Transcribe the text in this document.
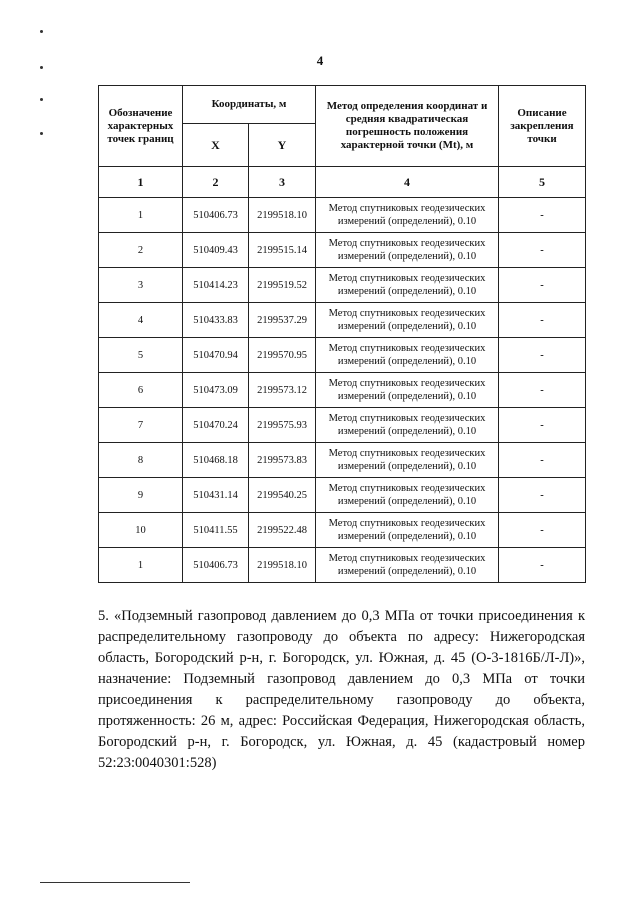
4
Обозначение характерных точек границ	Координаты, м		Метод определения координат и средняя квадратическая погрешность положения характерной точки (Mt), м	Описание закрепления точки
	X	Y		
1	2	3	4	5
1	510406.73	2199518.10	Метод спутниковых геодезических измерений (определений), 0.10	-
2	510409.43	2199515.14	Метод спутниковых геодезических измерений (определений), 0.10	-
3	510414.23	2199519.52	Метод спутниковых геодезических измерений (определений), 0.10	-
4	510433.83	2199537.29	Метод спутниковых геодезических измерений (определений), 0.10	-
5	510470.94	2199570.95	Метод спутниковых геодезических измерений (определений), 0.10	-
6	510473.09	2199573.12	Метод спутниковых геодезических измерений (определений), 0.10	-
7	510470.24	2199575.93	Метод спутниковых геодезических измерений (определений), 0.10	-
8	510468.18	2199573.83	Метод спутниковых геодезических измерений (определений), 0.10	-
9	510431.14	2199540.25	Метод спутниковых геодезических измерений (определений), 0.10	-
10	510411.55	2199522.48	Метод спутниковых геодезических измерений (определений), 0.10	-
1	510406.73	2199518.10	Метод спутниковых геодезических измерений (определений), 0.10	-
5. «Подземный газопровод давлением до 0,3 МПа от точки присоединения к распределительному газопроводу до объекта по адресу: Нижегородская область, Богородский р-н, г. Богородск, ул. Южная, д. 45 (О-3-1816Б/Л-Л)», назначение: Подземный газопровод давлением до 0,3 МПа от точки присоединения к распределительному газопроводу до объекта, протяженность: 26 м, адрес: Российская Федерация, Нижегородская область, Богородский р-н, г. Богородск, ул. Южная, д. 45 (кадастровый номер 52:23:0040301:528)
